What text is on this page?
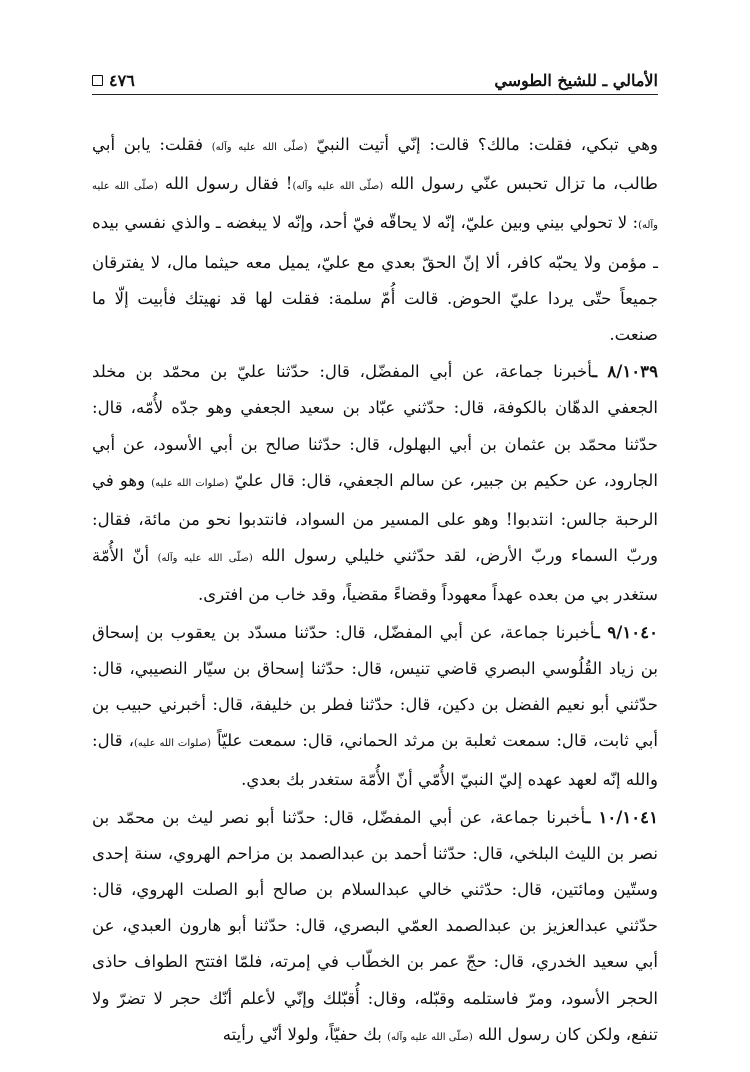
الأمالي ـ للشيخ الطوسي
٤٧٦

وهي تبكي، فقلت: مالك؟ قالت: إنّي أتيت النبيّ (صلّى الله عليه وآله) فقلت: يابن أبي طالب، ما تزال تحبس عنّي رسول الله (صلّى الله عليه وآله)! فقال رسول الله (صلّى الله عليه وآله): لا تحولي بيني وبين عليّ، إنّه لا يحاقّه فيّ أحد، وإنّه لا يبغضه ـ والذي نفسي بيده ـ مؤمن ولا يحبّه كافر، ألا إنّ الحقّ بعدي مع عليّ، يميل معه حيثما مال، لا يفترقان جميعاً حتّى يردا عليّ الحوض. قالت أُمّ سلمة: فقلت لها قد نهيتك فأبيت إلّا ما صنعت.

٨/١٠٣٩ ـأخبرنا جماعة، عن أبي المفضّل، قال: حدّثنا عليّ بن محمّد بن مخلد الجعفي الدهّان بالكوفة، قال: حدّثني عبّاد بن سعيد الجعفي وهو جدّه لأُمّه، قال: حدّثنا محمّد بن عثمان بن أبي البهلول، قال: حدّثنا صالح بن أبي الأسود، عن أبي الجارود، عن حكيم بن جبير، عن سالم الجعفي، قال: قال عليّ (صلوات الله عليه) وهو في الرحبة جالس: انتدبوا! وهو على المسير من السواد، فانتدبوا نحو من مائة، فقال: وربّ السماء وربّ الأرض، لقد حدّثني خليلي رسول الله (صلّى الله عليه وآله) أنّ الأُمّة ستغدر بي من بعده عهداً معهوداً وقضاءً مقضياً، وقد خاب من افترى.

٩/١٠٤٠ ـأخبرنا جماعة، عن أبي المفضّل، قال: حدّثنا مسدّد بن يعقوب بن إسحاق بن زياد القُلُوسي البصري قاضي تنيس، قال: حدّثنا إسحاق بن سيّار النصيبي، قال: حدّثني أبو نعيم الفضل بن دكين، قال: حدّثنا فطر بن خليفة، قال: أخبرني حبيب بن أبي ثابت، قال: سمعت ثعلبة بن مرثد الحماني، قال: سمعت عليّاً (صلوات الله عليه)، قال: والله إنّه لعهد عهده إليّ النبيّ الأُمّي أنّ الأُمّة ستغدر بك بعدي.

١٠/١٠٤١ ـأخبرنا جماعة، عن أبي المفضّل، قال: حدّثنا أبو نصر ليث بن محمّد بن نصر بن الليث البلخي، قال: حدّثنا أحمد بن عبدالصمد بن مزاحم الهروي، سنة إحدى وستّين ومائتين، قال: حدّثني خالي عبدالسلام بن صالح أبو الصلت الهروي، قال: حدّثني عبدالعزيز بن عبدالصمد العمّي البصري، قال: حدّثنا أبو هارون العبدي، عن أبي سعيد الخدري، قال: حجّ عمر بن الخطّاب في إمرته، فلمّا افتتح الطواف حاذى الحجر الأسود، ومرّ فاستلمه وقبّله، وقال: أُقبّلك وإنّي لأعلم أنّك حجر لا تضرّ ولا تنفع، ولكن كان رسول الله (صلّى الله عليه وآله) بك حفيّاً، ولولا أنّي رأيته
